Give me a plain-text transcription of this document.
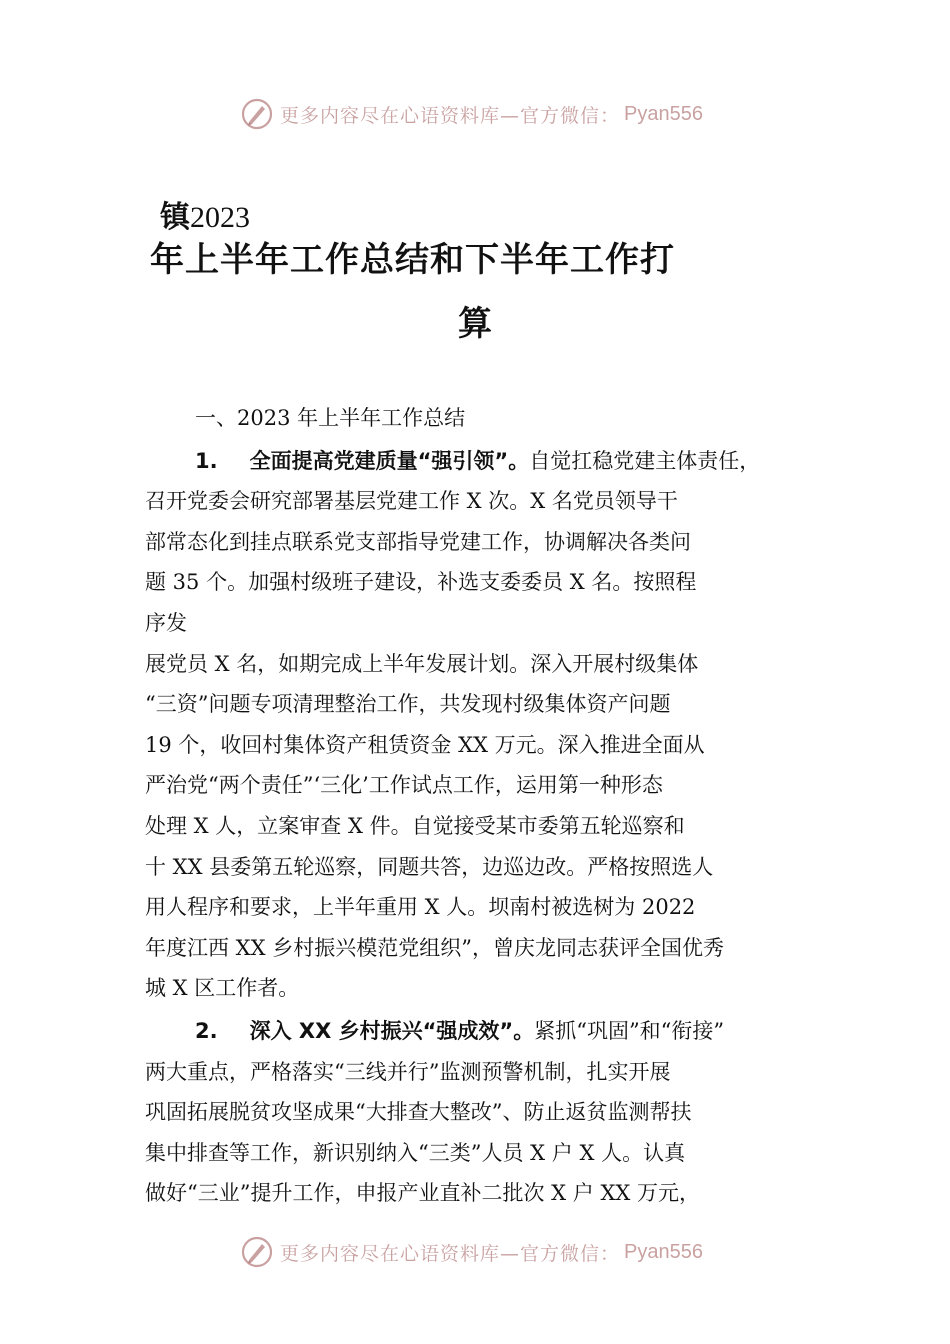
更多内容尽在心语资料库—官方微信： Pyan556
镇2023
年上半年工作总结和下半年工作打
算
一、2023 年上半年工作总结
1. 全面提高党建质量“强引领”。自觉扛稳党建主体责任，
召开党委会研究部署基层党建工作 X 次。X 名党员领导干
部常态化到挂点联系党支部指导党建工作，协调解决各类问
题 35 个。加强村级班子建设，补选支委委员 X 名。按照程
序发
展党员 X 名，如期完成上半年发展计划。深入开展村级集体
“三资”问题专项清理整治工作，共发现村级集体资产问题
19 个，收回村集体资产租赁资金 XX 万元。深入推进全面从
严治党“两个责任”‘三化’工作试点工作，运用第一种形态
处理 X 人，立案审查 X 件。自觉接受某市委第五轮巡察和
十 XX 县委第五轮巡察，同题共答，边巡边改。严格按照选人
用人程序和要求，上半年重用 X 人。坝南村被选树为 2022
年度江西 XX 乡村振兴模范党组织”，曾庆龙同志获评全国优秀
城 X 区工作者。
2. 深入 XX 乡村振兴“强成效”。紧抓“巩固”和“衔接”
两大重点，严格落实“三线并行”监测预警机制，扎实开展
巩固拓展脱贫攻坚成果“大排查大整改”、防止返贫监测帮扶
集中排查等工作，新识别纳入“三类”人员 X 户 X 人。认真
做好“三业”提升工作，申报产业直补二批次 X 户 XX 万元，
更多内容尽在心语资料库—官方微信： Pyan556
